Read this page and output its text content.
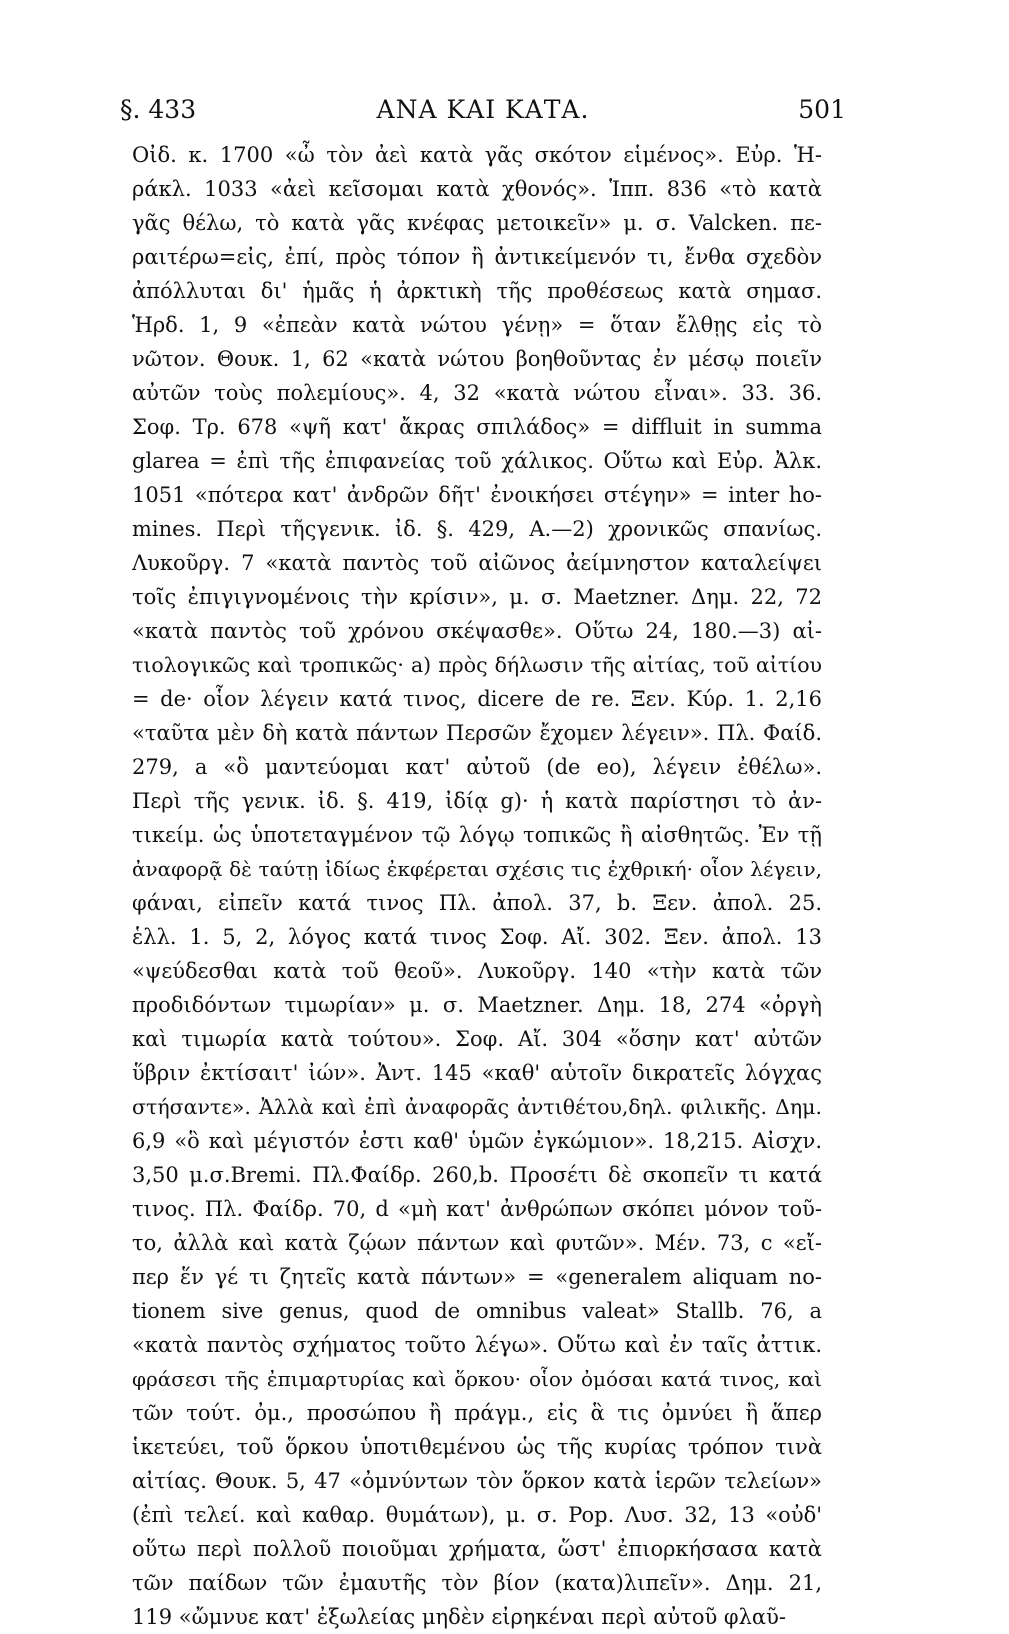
ΑΝΑ ΚΑΙ ΚΑΤΑ.
§. 433	501
Οἰδ. κ. 1700 «ὦ τὸν ἀεὶ κατὰ γᾶς σκότον εἱμένος». Εὐρ. Ἡ-
ράκλ. 1033 «ἀεὶ κεῖσομαι κατὰ χθονός». Ἱππ. 836 «τὸ κατὰ
γᾶς θέλω, τὸ κατὰ γᾶς κνέφας μετοικεῖν» μ. σ. Valcken. πε-
ραιτέρω=εἰς, ἐπί, πρὸς τόπον ἢ ἀντικείμενόν τι, ἔνθα σχεδὸν
ἀπόλλυται δι' ἡμᾶς ἡ ἀρκτικὴ τῆς προθέσεως κατὰ σημασ.
Ἡρδ. 1, 9 «ἐπεὰν κατὰ νώτου γένῃ» = ὅταν ἔλθῃς εἰς τὸ
νῶτον. Θουκ. 1, 62 «κατὰ νώτου βοηθοῦντας ἐν μέσῳ ποιεῖν
αὐτῶν τοὺς πολεμίους». 4, 32 «κατὰ νώτου εἶναι». 33. 36.
Σοφ. Τρ. 678 «ψῆ κατ' ἄκρας σπιλάδος» = diffluit in summa
glarea = ἐπὶ τῆς ἐπιφανείας τοῦ χάλικος. Οὕτω καὶ Εὐρ. Ἀλκ.
1051 «πότερα κατ' ἀνδρῶν δῆτ' ἐνοικήσει στέγην» = inter ho-
mines. Περὶ τῆςγενικ. ἰδ. §. 429, Α.—2) χρονικῶς σπανίως.
Λυκοῦργ. 7 «κατὰ παντὸς τοῦ αἰῶνος ἀείμνηστον καταλείψει
τοῖς ἐπιγιγνομένοις τὴν κρίσιν», μ. σ. Maetzner. Δημ. 22, 72
«κατὰ παντὸς τοῦ χρόνου σκέψασθε». Οὕτω 24, 180.—3) αἰ-
τιολογικῶς καὶ τροπικῶς· a) πρὸς δήλωσιν τῆς αἰτίας, τοῦ αἰτίου
= de· οἷον λέγειν κατά τινος, dicere de re. Ξεν. Κύρ. 1. 2,16
«ταῦτα μὲν δὴ κατὰ πάντων Περσῶν ἔχομεν λέγειν». Πλ. Φαίδ.
279, a «ὃ μαντεύομαι κατ' αὐτοῦ (de eo), λέγειν ἐθέλω».
Περὶ τῆς γενικ. ἰδ. §. 419, ἰδίᾳ g)· ἡ κατὰ παρίστησι τὸ ἀν-
τικείμ. ὡς ὑποτεταγμένον τῷ λόγῳ τοπικῶς ἢ αἰσθητῶς. Ἐν τῇ
ἀναφορᾷ δὲ ταύτῃ ἰδίως ἐκφέρεται σχέσις τις ἐχθρική· οἷον λέγειν,
φάναι, εἰπεῖν κατά τινος Πλ. ἀπολ. 37, b. Ξεν. ἀπολ. 25.
ἑλλ. 1. 5, 2, λόγος κατά τινος Σοφ. Αἴ. 302. Ξεν. ἀπολ. 13
«ψεύδεσθαι κατὰ τοῦ θεοῦ». Λυκοῦργ. 140 «τὴν κατὰ τῶν
προδιδόντων τιμωρίαν» μ. σ. Maetzner. Δημ. 18, 274 «ὀργὴ
καὶ τιμωρία κατὰ τούτου». Σοφ. Αἴ. 304 «ὅσην κατ' αὐτῶν
ὕβριν ἐκτίσαιτ' ἰών». Ἀντ. 145 «καθ' αὑτοῖν δικρατεῖς λόγχας
στήσαντε». Ἀλλὰ καὶ ἐπὶ ἀναφορᾶς ἀντιθέτου,δηλ. φιλικῆς. Δημ.
6,9 «ὃ καὶ μέγιστόν ἐστι καθ' ὑμῶν ἐγκώμιον». 18,215. Αἰσχν.
3,50 μ.σ.Bremi. Πλ.Φαίδρ. 260,b. Προσέτι δὲ σκοπεῖν τι κατά
τινος. Πλ. Φαίδρ. 70, d «μὴ κατ' ἀνθρώπων σκόπει μόνον τοῦ-
το, ἀλλὰ καὶ κατὰ ζῴων πάντων καὶ φυτῶν». Μέν. 73, c «εἴ-
περ ἕν γέ τι ζητεῖς κατὰ πάντων» = «generalem aliquam no-
tionem sive genus, quod de omnibus valeat» Stallb. 76, a
«κατὰ παντὸς σχήματος τοῦτο λέγω». Οὕτω καὶ ἐν ταῖς ἀττικ.
φράσεσι τῆς ἐπιμαρτυρίας καὶ ὅρκου· οἷον ὀμόσαι κατά τινος, καὶ
τῶν τούτ. ὀμ., προσώπου ἢ πράγμ., εἰς ἃ τις ὀμνύει ἢ ἅπερ
ἱκετεύει, τοῦ ὅρκου ὑποτιθεμένου ὡς τῆς κυρίας τρόπον τινὰ
αἰτίας. Θουκ. 5, 47 «ὀμνύντων τὸν ὅρκον κατὰ ἱερῶν τελείων»
(ἐπὶ τελεί. καὶ καθαρ. θυμάτων), μ. σ. Pop. Λυσ. 32, 13 «οὐδ'
οὕτω περὶ πολλοῦ ποιοῦμαι χρήματα, ὥστ' ἐπιορκήσασα κατὰ
τῶν παίδων τῶν ἐμαυτῆς τὸν βίον (κατα)λιπεῖν». Δημ. 21,
119 «ὤμνυε κατ' ἐξωλείας μηδὲν εἰρηκέναι περὶ αὐτοῦ φλαῦ-
